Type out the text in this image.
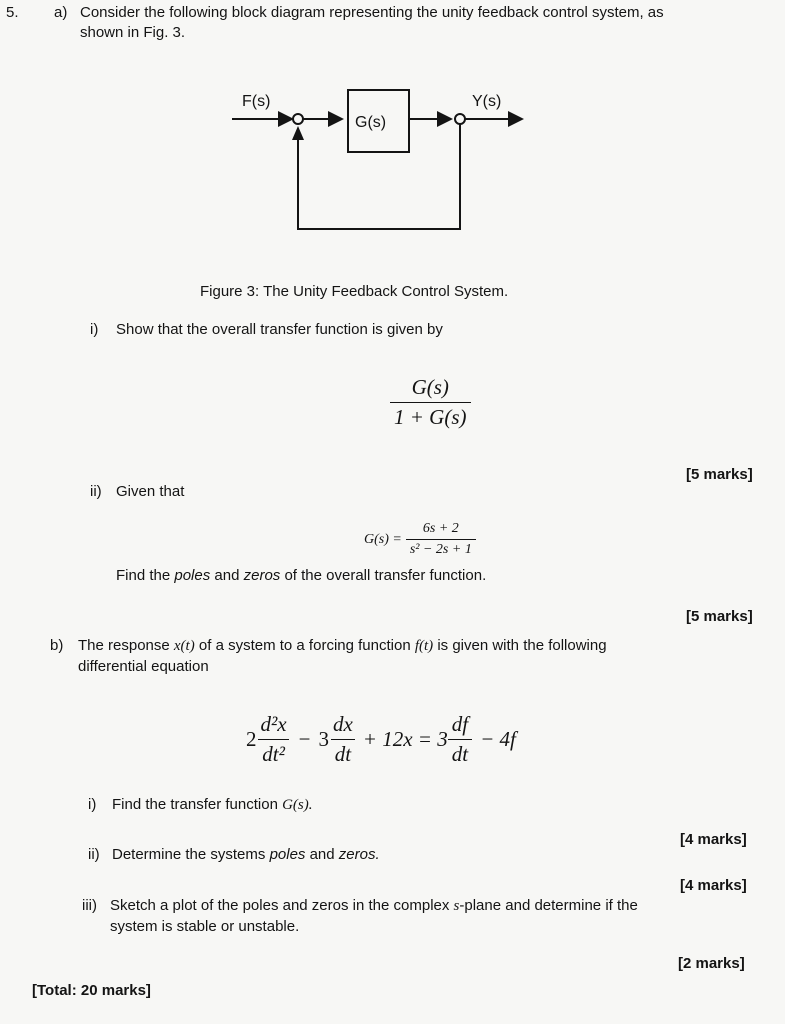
5. a) Consider the following block diagram representing the unity feedback control system, as
shown in Fig. 3.
F(s)
G(s)
Y(s)
Figure 3: The Unity Feedback Control System.
i) Show that the overall transfer function is given by
$\frac{G(s)}{1 + G(s)}$
[5 marks]
ii) Given that
$G(s) = \frac{6s + 2}{\text{s² − 2s + 1}}$
Find the poles and zeros of the overall transfer function.
[5 marks]
b) The response x(t) of a system to a forcing function f(t) is given with the following
differential equation
$2 \frac{\text{d²x}}{\text{dt²}} - 3 \frac{dx}{dt} + 12x = 3 \frac{df}{dt} - 4f$
i) Find the transfer function G(s).
[4 marks]
ii) Determine the systems poles and zeros.
[4 marks]
iii) Sketch a plot of the poles and zeros in the complex s-plane and determine if the
system is stable or unstable.
[2 marks]
[Total: 20 marks]
